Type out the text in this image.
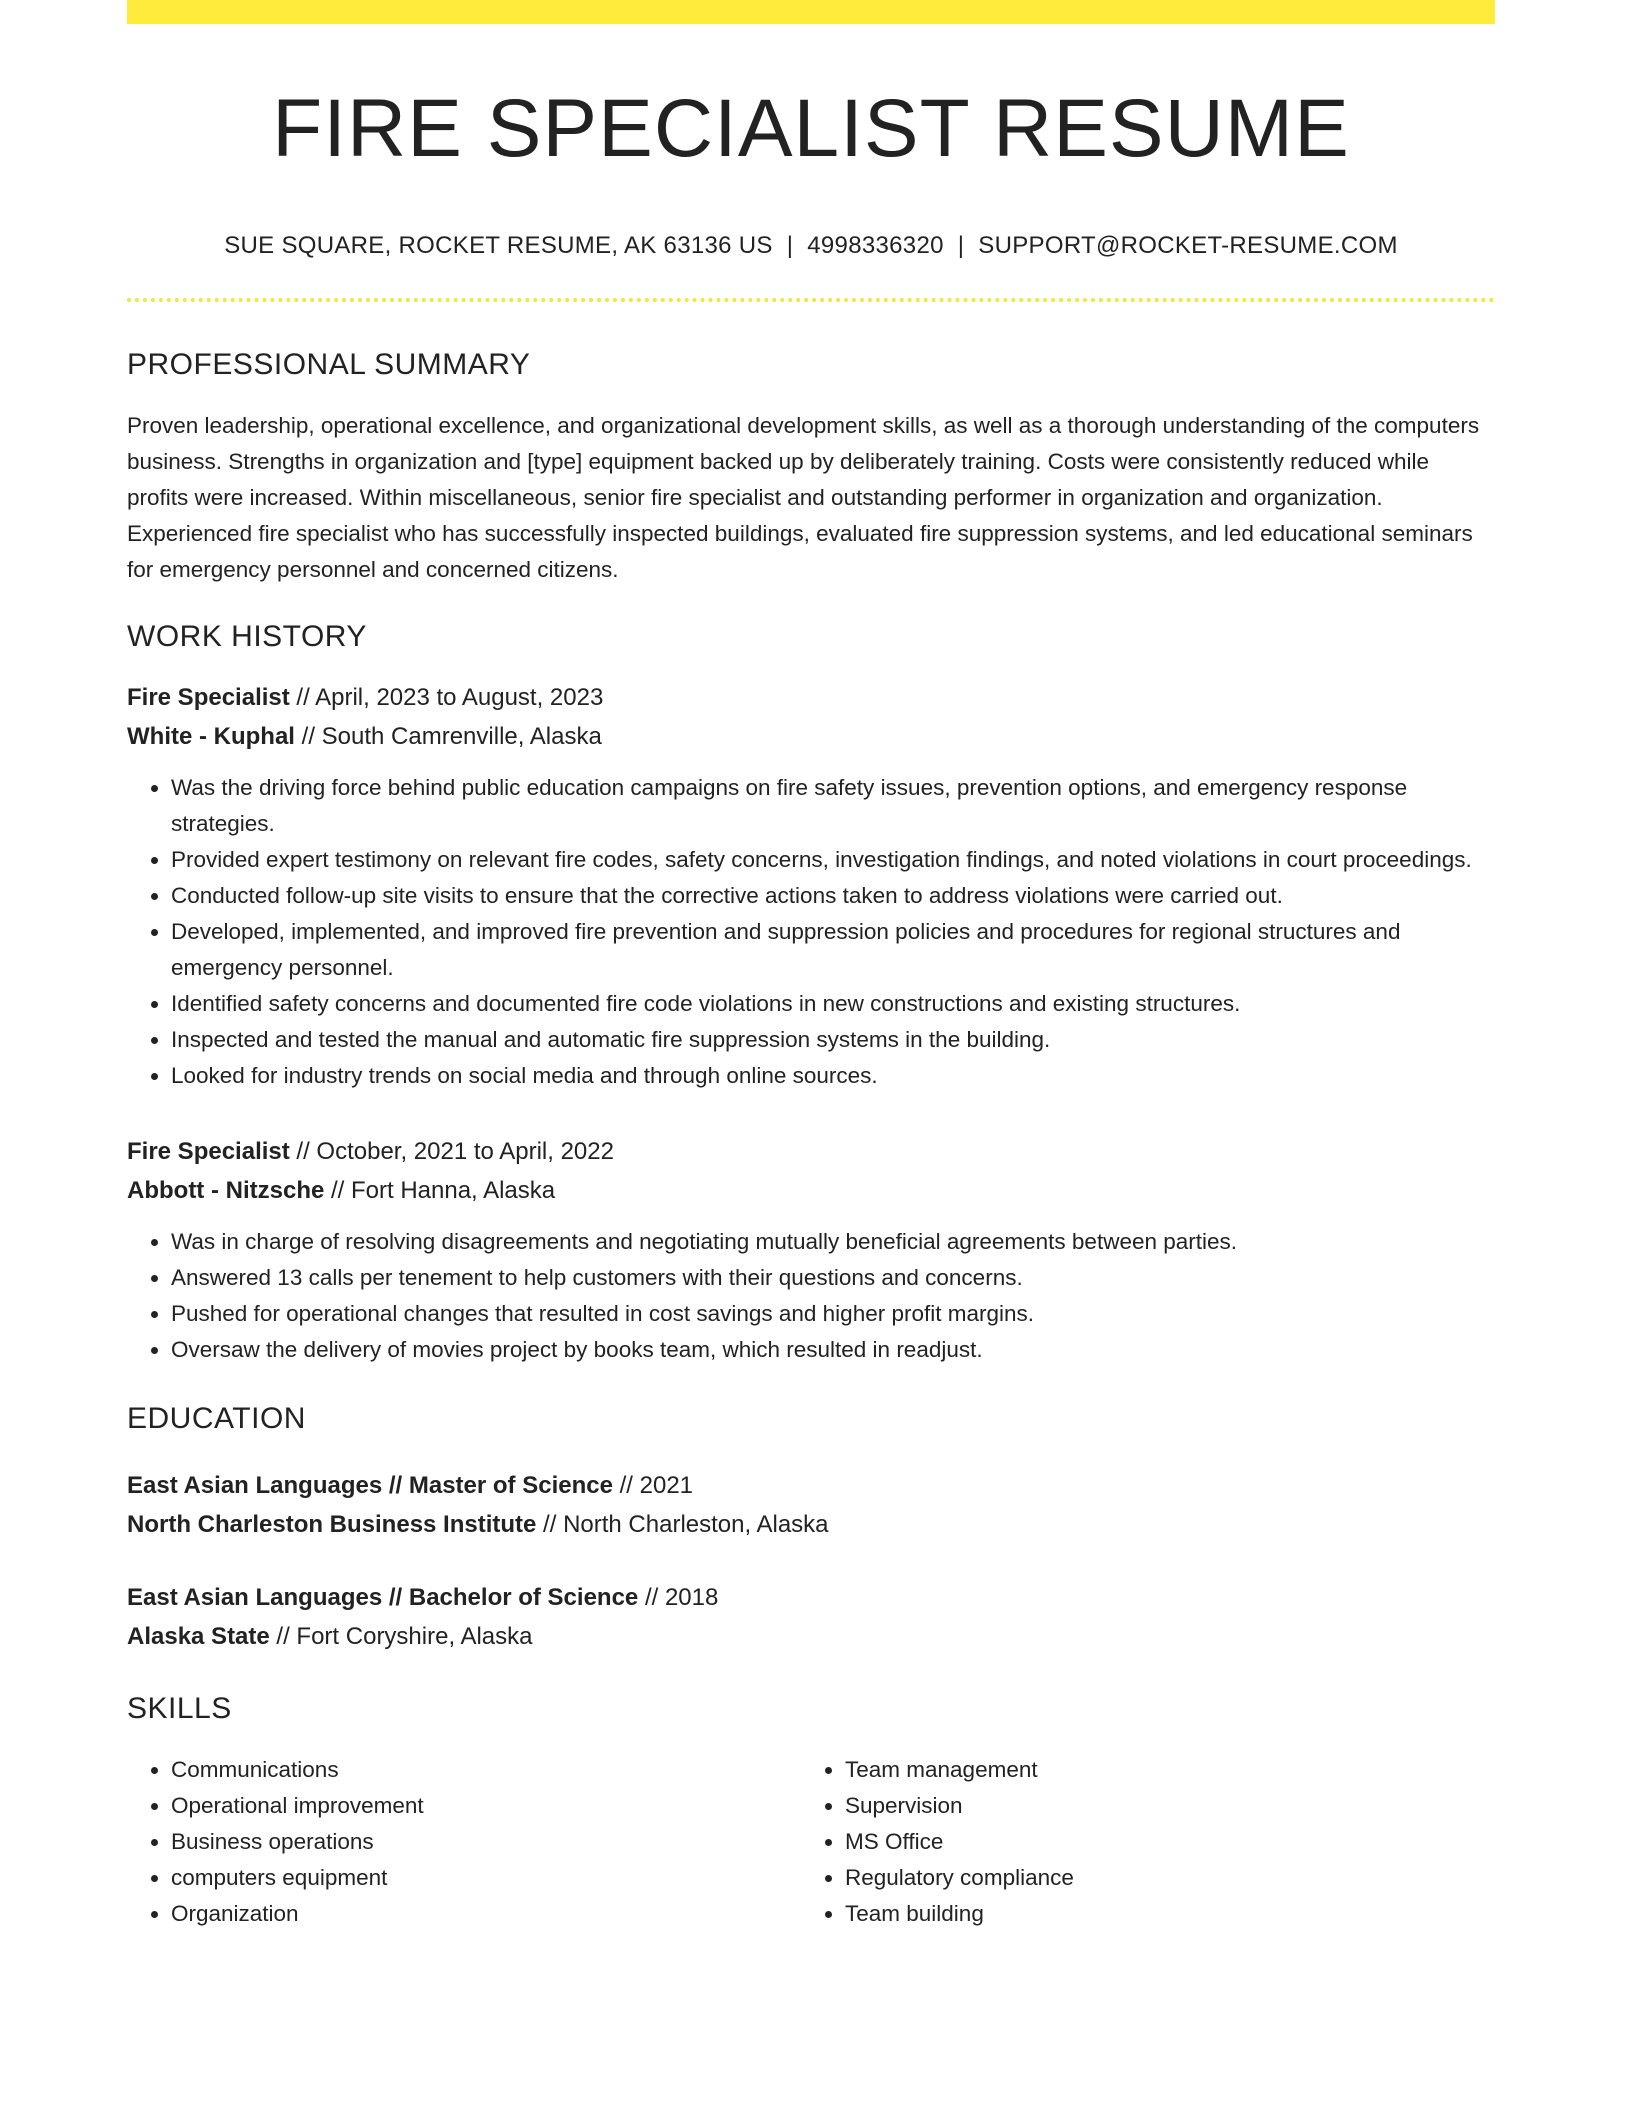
FIRE SPECIALIST RESUME
SUE SQUARE, ROCKET RESUME, AK 63136 US | 4998336320 | SUPPORT@ROCKET-RESUME.COM
PROFESSIONAL SUMMARY
Proven leadership, operational excellence, and organizational development skills, as well as a thorough understanding of the computers business. Strengths in organization and [type] equipment backed up by deliberately training. Costs were consistently reduced while profits were increased. Within miscellaneous, senior fire specialist and outstanding performer in organization and organization. Experienced fire specialist who has successfully inspected buildings, evaluated fire suppression systems, and led educational seminars for emergency personnel and concerned citizens.
WORK HISTORY
Fire Specialist // April, 2023 to August, 2023
White - Kuphal // South Camrenville, Alaska
• Was the driving force behind public education campaigns on fire safety issues, prevention options, and emergency response strategies.
• Provided expert testimony on relevant fire codes, safety concerns, investigation findings, and noted violations in court proceedings.
• Conducted follow-up site visits to ensure that the corrective actions taken to address violations were carried out.
• Developed, implemented, and improved fire prevention and suppression policies and procedures for regional structures and emergency personnel.
• Identified safety concerns and documented fire code violations in new constructions and existing structures.
• Inspected and tested the manual and automatic fire suppression systems in the building.
• Looked for industry trends on social media and through online sources.
Fire Specialist // October, 2021 to April, 2022
Abbott - Nitzsche // Fort Hanna, Alaska
• Was in charge of resolving disagreements and negotiating mutually beneficial agreements between parties.
• Answered 13 calls per tenement to help customers with their questions and concerns.
• Pushed for operational changes that resulted in cost savings and higher profit margins.
• Oversaw the delivery of movies project by books team, which resulted in readjust.
EDUCATION
East Asian Languages // Master of Science // 2021
North Charleston Business Institute // North Charleston, Alaska
East Asian Languages // Bachelor of Science // 2018
Alaska State // Fort Coryshire, Alaska
SKILLS
• Communications
• Operational improvement
• Business operations
• computers equipment
• Organization
• Team management
• Supervision
• MS Office
• Regulatory compliance
• Team building
